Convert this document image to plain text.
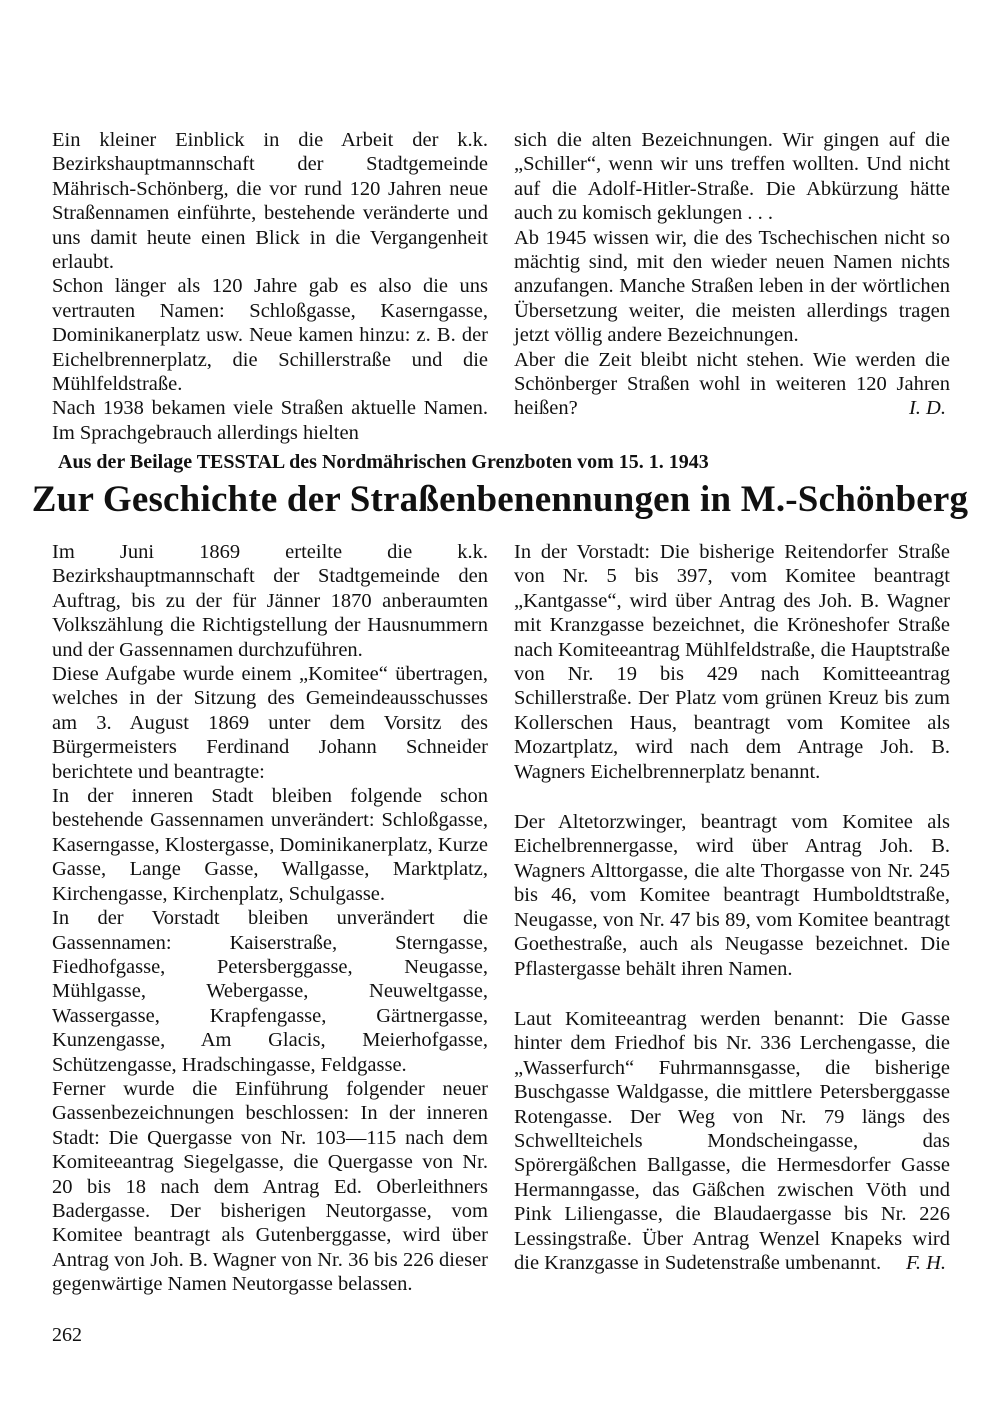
Ein kleiner Einblick in die Arbeit der k.k. Bezirkshauptmannschaft der Stadtgemeinde Mährisch-Schönberg, die vor rund 120 Jahren neue Straßennamen einführte, bestehende veränderte und uns damit heute einen Blick in die Vergangenheit erlaubt.

Schon länger als 120 Jahre gab es also die uns vertrauten Namen: Schloßgasse, Kaserngasse, Dominikanerplatz usw. Neue kamen hinzu: z. B. der Eichelbrennerplatz, die Schillerstraße und die Mühlfeldstraße.

Nach 1938 bekamen viele Straßen aktuelle Namen. Im Sprachgebrauch allerdings hielten

sich die alten Bezeichnungen. Wir gingen auf die „Schiller“, wenn wir uns treffen wollten. Und nicht auf die Adolf-Hitler-Straße. Die Abkürzung hätte auch zu komisch geklungen . . .

Ab 1945 wissen wir, die des Tschechischen nicht so mächtig sind, mit den wieder neuen Namen nichts anzufangen. Manche Straßen leben in der wörtlichen Übersetzung weiter, die meisten allerdings tragen jetzt völlig andere Bezeichnungen.

Aber die Zeit bleibt nicht stehen. Wie werden die Schönberger Straßen wohl in weiteren 120 Jahren heißen?	I. D.

Aus der Beilage TESSTAL des Nordmährischen Grenzboten vom 15. 1. 1943
Zur Geschichte der Straßenbenennungen in M.-Schönberg

Im Juni 1869 erteilte die k.k. Bezirkshauptmannschaft der Stadtgemeinde den Auftrag, bis zu der für Jänner 1870 anberaumten Volkszählung die Richtigstellung der Hausnummern und der Gassennamen durchzuführen.

Diese Aufgabe wurde einem „Komitee“ übertragen, welches in der Sitzung des Gemeindeausschusses am 3. August 1869 unter dem Vorsitz des Bürgermeisters Ferdinand Johann Schneider berichtete und beantragte:

In der inneren Stadt bleiben folgende schon bestehende Gassennamen unverändert: Schloßgasse, Kaserngasse, Klostergasse, Dominikanerplatz, Kurze Gasse, Lange Gasse, Wallgasse, Marktplatz, Kirchengasse, Kirchenplatz, Schulgasse.

In der Vorstadt bleiben unverändert die Gassennamen: Kaiserstraße, Sterngasse, Fiedhofgasse, Petersberggasse, Neugasse, Mühlgasse, Webergasse, Neuweltgasse, Wassergasse, Krapfengasse, Gärtnergasse, Kunzengasse, Am Glacis, Meierhofgasse, Schützengasse, Hradschingasse, Feldgasse.

Ferner wurde die Einführung folgender neuer Gassenbezeichnungen beschlossen: In der inneren Stadt: Die Quergasse von Nr. 103—115 nach dem Komiteeantrag Siegelgasse, die Quergasse von Nr. 20 bis 18 nach dem Antrag Ed. Oberleithners Badergasse. Der bisherigen Neutorgasse, vom Komitee beantragt als Gutenberggasse, wird über Antrag von Joh. B. Wagner von Nr. 36 bis 226 dieser gegenwärtige Namen Neutorgasse belassen.

In der Vorstadt: Die bisherige Reitendorfer Straße von Nr. 5 bis 397, vom Komitee beantragt „Kantgasse“, wird über Antrag des Joh. B. Wagner mit Kranzgasse bezeichnet, die Kröneshofer Straße nach Komiteeantrag Mühlfeldstraße, die Hauptstraße von Nr. 19 bis 429 nach Komitteeantrag Schillerstraße. Der Platz vom grünen Kreuz bis zum Kollerschen Haus, beantragt vom Komitee als Mozartplatz, wird nach dem Antrage Joh. B. Wagners Eichelbrennerplatz benannt.

Der Altetorzwinger, beantragt vom Komitee als Eichelbrennergasse, wird über Antrag Joh. B. Wagners Alttorgasse, die alte Thorgasse von Nr. 245 bis 46, vom Komitee beantragt Humboldtstraße, Neugasse, von Nr. 47 bis 89, vom Komitee beantragt Goethestraße, auch als Neugasse bezeichnet. Die Pflastergasse behält ihren Namen.

Laut Komiteeantrag werden benannt: Die Gasse hinter dem Friedhof bis Nr. 336 Lerchengasse, die „Wasserfurch“ Fuhrmannsgasse, die bisherige Buschgasse Waldgasse, die mittlere Petersberggasse Rotengasse. Der Weg von Nr. 79 längs des Schwellteichels Mondscheingasse, das Spörergäßchen Ballgasse, die Hermesdorfer Gasse Hermanngasse, das Gäßchen zwischen Vöth und Pink Liliengasse, die Blaudaergasse bis Nr. 226 Lessingstraße. Über Antrag Wenzel Knapeks wird die Kranzgasse in Sudetenstraße umbenannt. F. H.

262
